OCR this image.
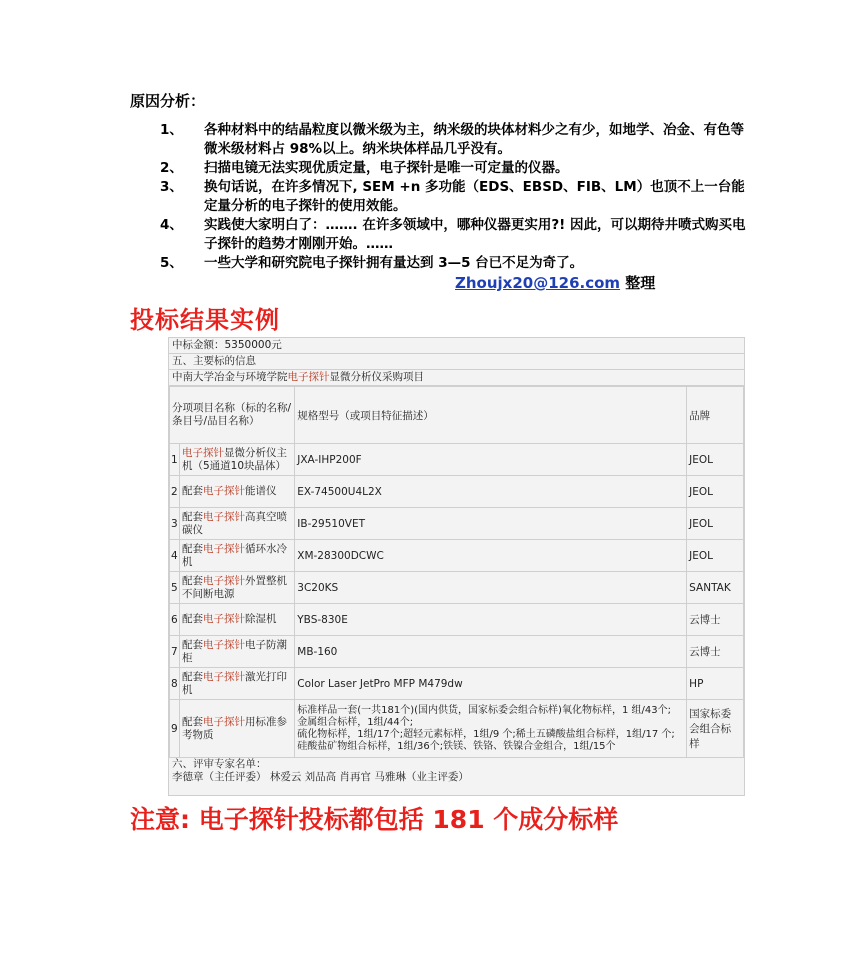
原因分析：
1、	各种材料中的结晶粒度以微米级为主，纳米级的块体材料少之有少，如地学、冶金、有色等微米级材料占 98%以上。纳米块体样品几乎没有。
2、	扫描电镜无法实现优质定量，电子探针是唯一可定量的仪器。
3、	换句话说，在许多情况下, SEM +n 多功能（EDS、EBSD、FIB、LM）也顶不上一台能定量分析的电子探针的使用效能。
4、	实践使大家明白了：……. 在许多领域中，哪种仪器更实用?! 因此，可以期待井喷式购买电子探针的趋势才刚刚开始。……
5、	一些大学和研究院电子探针拥有量达到 3—5 台已不足为奇了。
Zhoujx20@126.com 整理
投标结果实例
中标金额：5350000元
五、主要标的信息
中南大学冶金与环境学院电子探针显微分析仪采购项目
分项项目名称（标的名称/条目号/品目名称）		规格型号（或项目特征描述）	品牌
1	电子探针显微分析仪主机（5通道10块晶体）	JXA-IHP200F	JEOL
2	配套电子探针能谱仪	EX-74500U4L2X	JEOL
3	配套电子探针高真空喷碳仪	IB-29510VET	JEOL
4	配套电子探针循环水冷机	XM-28300DCWC	JEOL
5	配套电子探针外置整机不间断电源	3C20KS	SANTAK
6	配套电子探针除湿机	YBS-830E	云博士
7	配套电子探针电子防潮柜	MB-160	云博士
8	配套电子探针激光打印机	Color Laser JetPro MFP M479dw	HP
9	配套电子探针用标准参考物质	标准样品一套(一共181个)(国内供货，国家标委会组合标样)氧化物标样，1 组/43个;
金属组合标样，1组/44个;
硫化物标样，1组/17个;超轻元素标样，1组/9 个;稀土五磷酸盐组合标样，1组/17 个;
硅酸盐矿物组合标样，1组/36个;铁镁、铁铬、铁镍合金组合，1组/15个	国家标委会组合标样
六、评审专家名单：
李德章（主任评委） 林爱云 刘品高 肖再官 马雅琳（业主评委）
注意: 电子探针投标都包括 181 个成分标样
